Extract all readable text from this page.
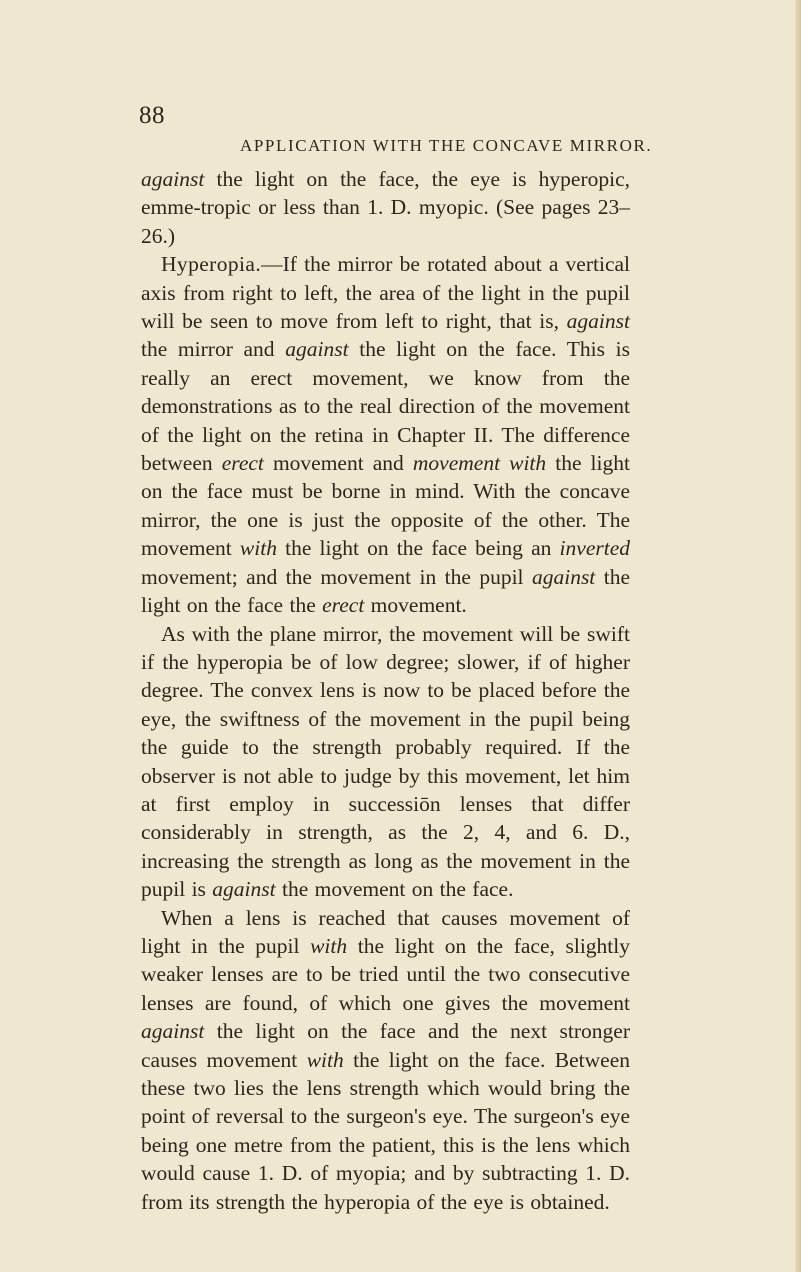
88
APPLICATION WITH THE CONCAVE MIRROR.

against the light on the face, the eye is hyperopic, emme-tropic or less than 1. D. myopic. (See pages 23–26.)

Hyperopia.—If the mirror be rotated about a vertical axis from right to left, the area of the light in the pupil will be seen to move from left to right, that is, against the mirror and against the light on the face. This is really an erect movement, we know from the demonstrations as to the real direction of the movement of the light on the retina in Chapter II. The difference between erect movement and movement with the light on the face must be borne in mind. With the concave mirror, the one is just the opposite of the other. The movement with the light on the face being an inverted movement; and the movement in the pupil against the light on the face the erect movement.

As with the plane mirror, the movement will be swift if the hyperopia be of low degree; slower, if of higher degree. The convex lens is now to be placed before the eye, the swiftness of the movement in the pupil being the guide to the strength probably required. If the observer is not able to judge by this movement, let him at first employ in successiōn lenses that differ considerably in strength, as the 2, 4, and 6. D., increasing the strength as long as the movement in the pupil is against the movement on the face.

When a lens is reached that causes movement of light in the pupil with the light on the face, slightly weaker lenses are to be tried until the two consecutive lenses are found, of which one gives the movement against the light on the face and the next stronger causes movement with the light on the face. Between these two lies the lens strength which would bring the point of reversal to the surgeon's eye. The surgeon's eye being one metre from the patient, this is the lens which would cause 1. D. of myopia; and by subtracting 1. D. from its strength the hyperopia of the eye is obtained.
